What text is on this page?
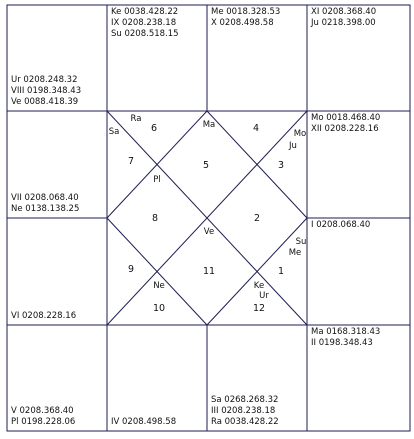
1
2
3
4
5
6
7
8
9
10
11
12
Ra
Sa
Ma
Mo
Ju
Pl
Ve
Su
Me
Ne	Ke
Ur
Ur 0208.248.32
VIII 0198.348.43
Ve 0088.418.39
Ke 0038.428.22
IX 0208.238.18
Su 0208.518.15
Me 0018.328.53
X 0208.498.58
XI 0208.368.40
Ju 0218.398.00
Mo 0018.468.40
XII 0208.228.16
I 0208.068.40
Ma 0168.318.43
II 0198.348.43
Sa 0268.268.32
III 0208.238.18
Ra 0038.428.22
IV 0208.498.58
V 0208.368.40
Pl 0198.228.06
VI 0208.228.16
VII 0208.068.40
Ne 0138.138.25
